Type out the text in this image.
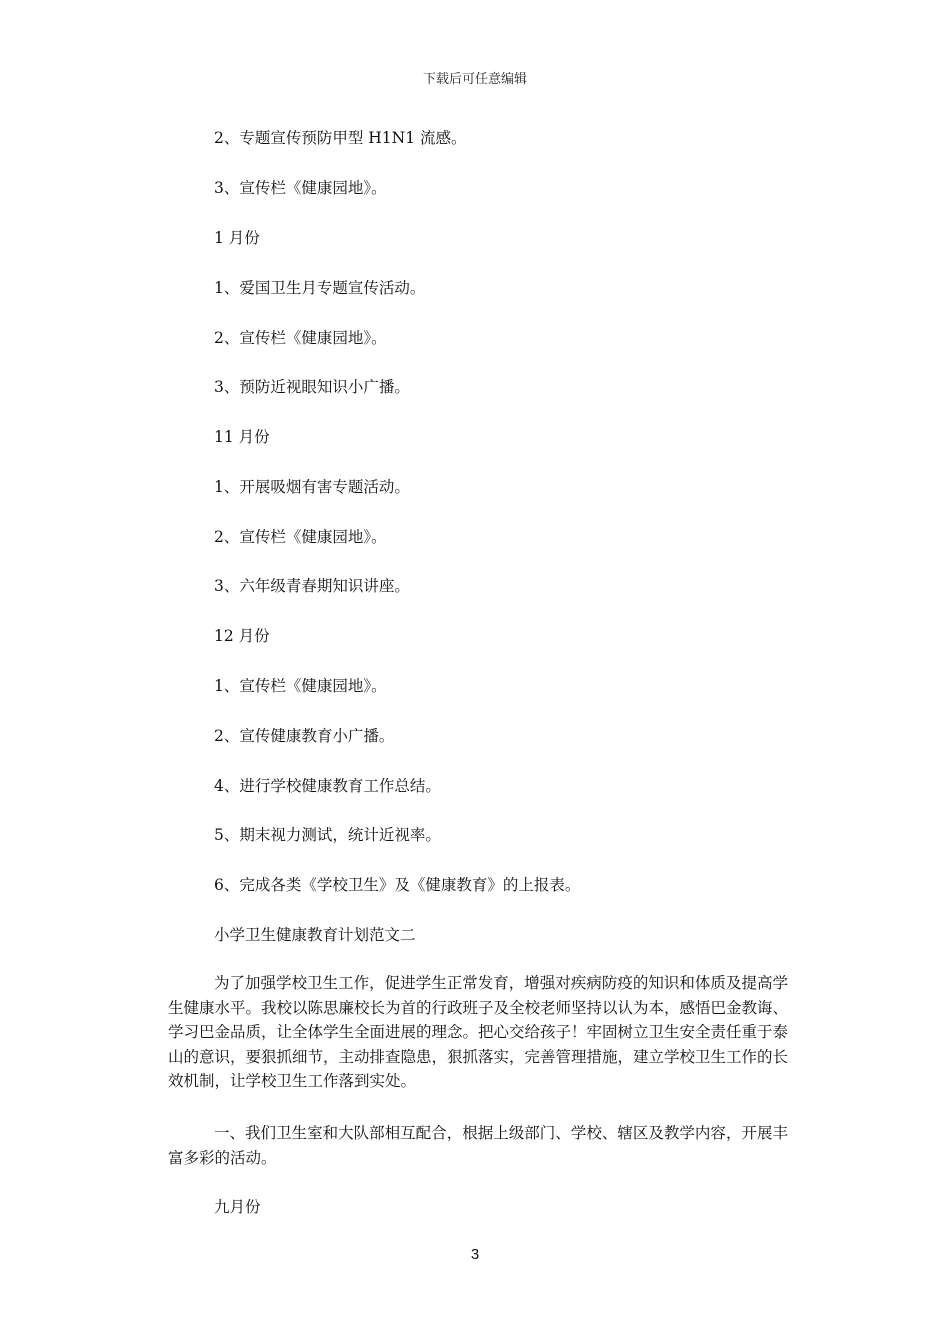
下载后可任意编辑
2、专题宣传预防甲型 H1N1 流感。
3、宣传栏《健康园地》。
1 月份
1、爱国卫生月专题宣传活动。
2、宣传栏《健康园地》。
3、预防近视眼知识小广播。
11 月份
1、开展吸烟有害专题活动。
2、宣传栏《健康园地》。
3、六年级青春期知识讲座。
12 月份
1、宣传栏《健康园地》。
2、宣传健康教育小广播。
4、进行学校健康教育工作总结。
5、期末视力测试，统计近视率。
6、完成各类《学校卫生》及《健康教育》的上报表。
小学卫生健康教育计划范文二
为了加强学校卫生工作，促进学生正常发育，增强对疾病防疫的知识和体质及提高学生健康水平。我校以陈思廉校长为首的行政班子及全校老师坚持以认为本，感悟巴金教诲、学习巴金品质，让全体学生全面进展的理念。把心交给孩子！牢固树立卫生安全责任重于泰山的意识，要狠抓细节，主动排查隐患，狠抓落实，完善管理措施，建立学校卫生工作的长效机制，让学校卫生工作落到实处。
一、我们卫生室和大队部相互配合，根据上级部门、学校、辖区及教学内容，开展丰富多彩的活动。
九月份
3
